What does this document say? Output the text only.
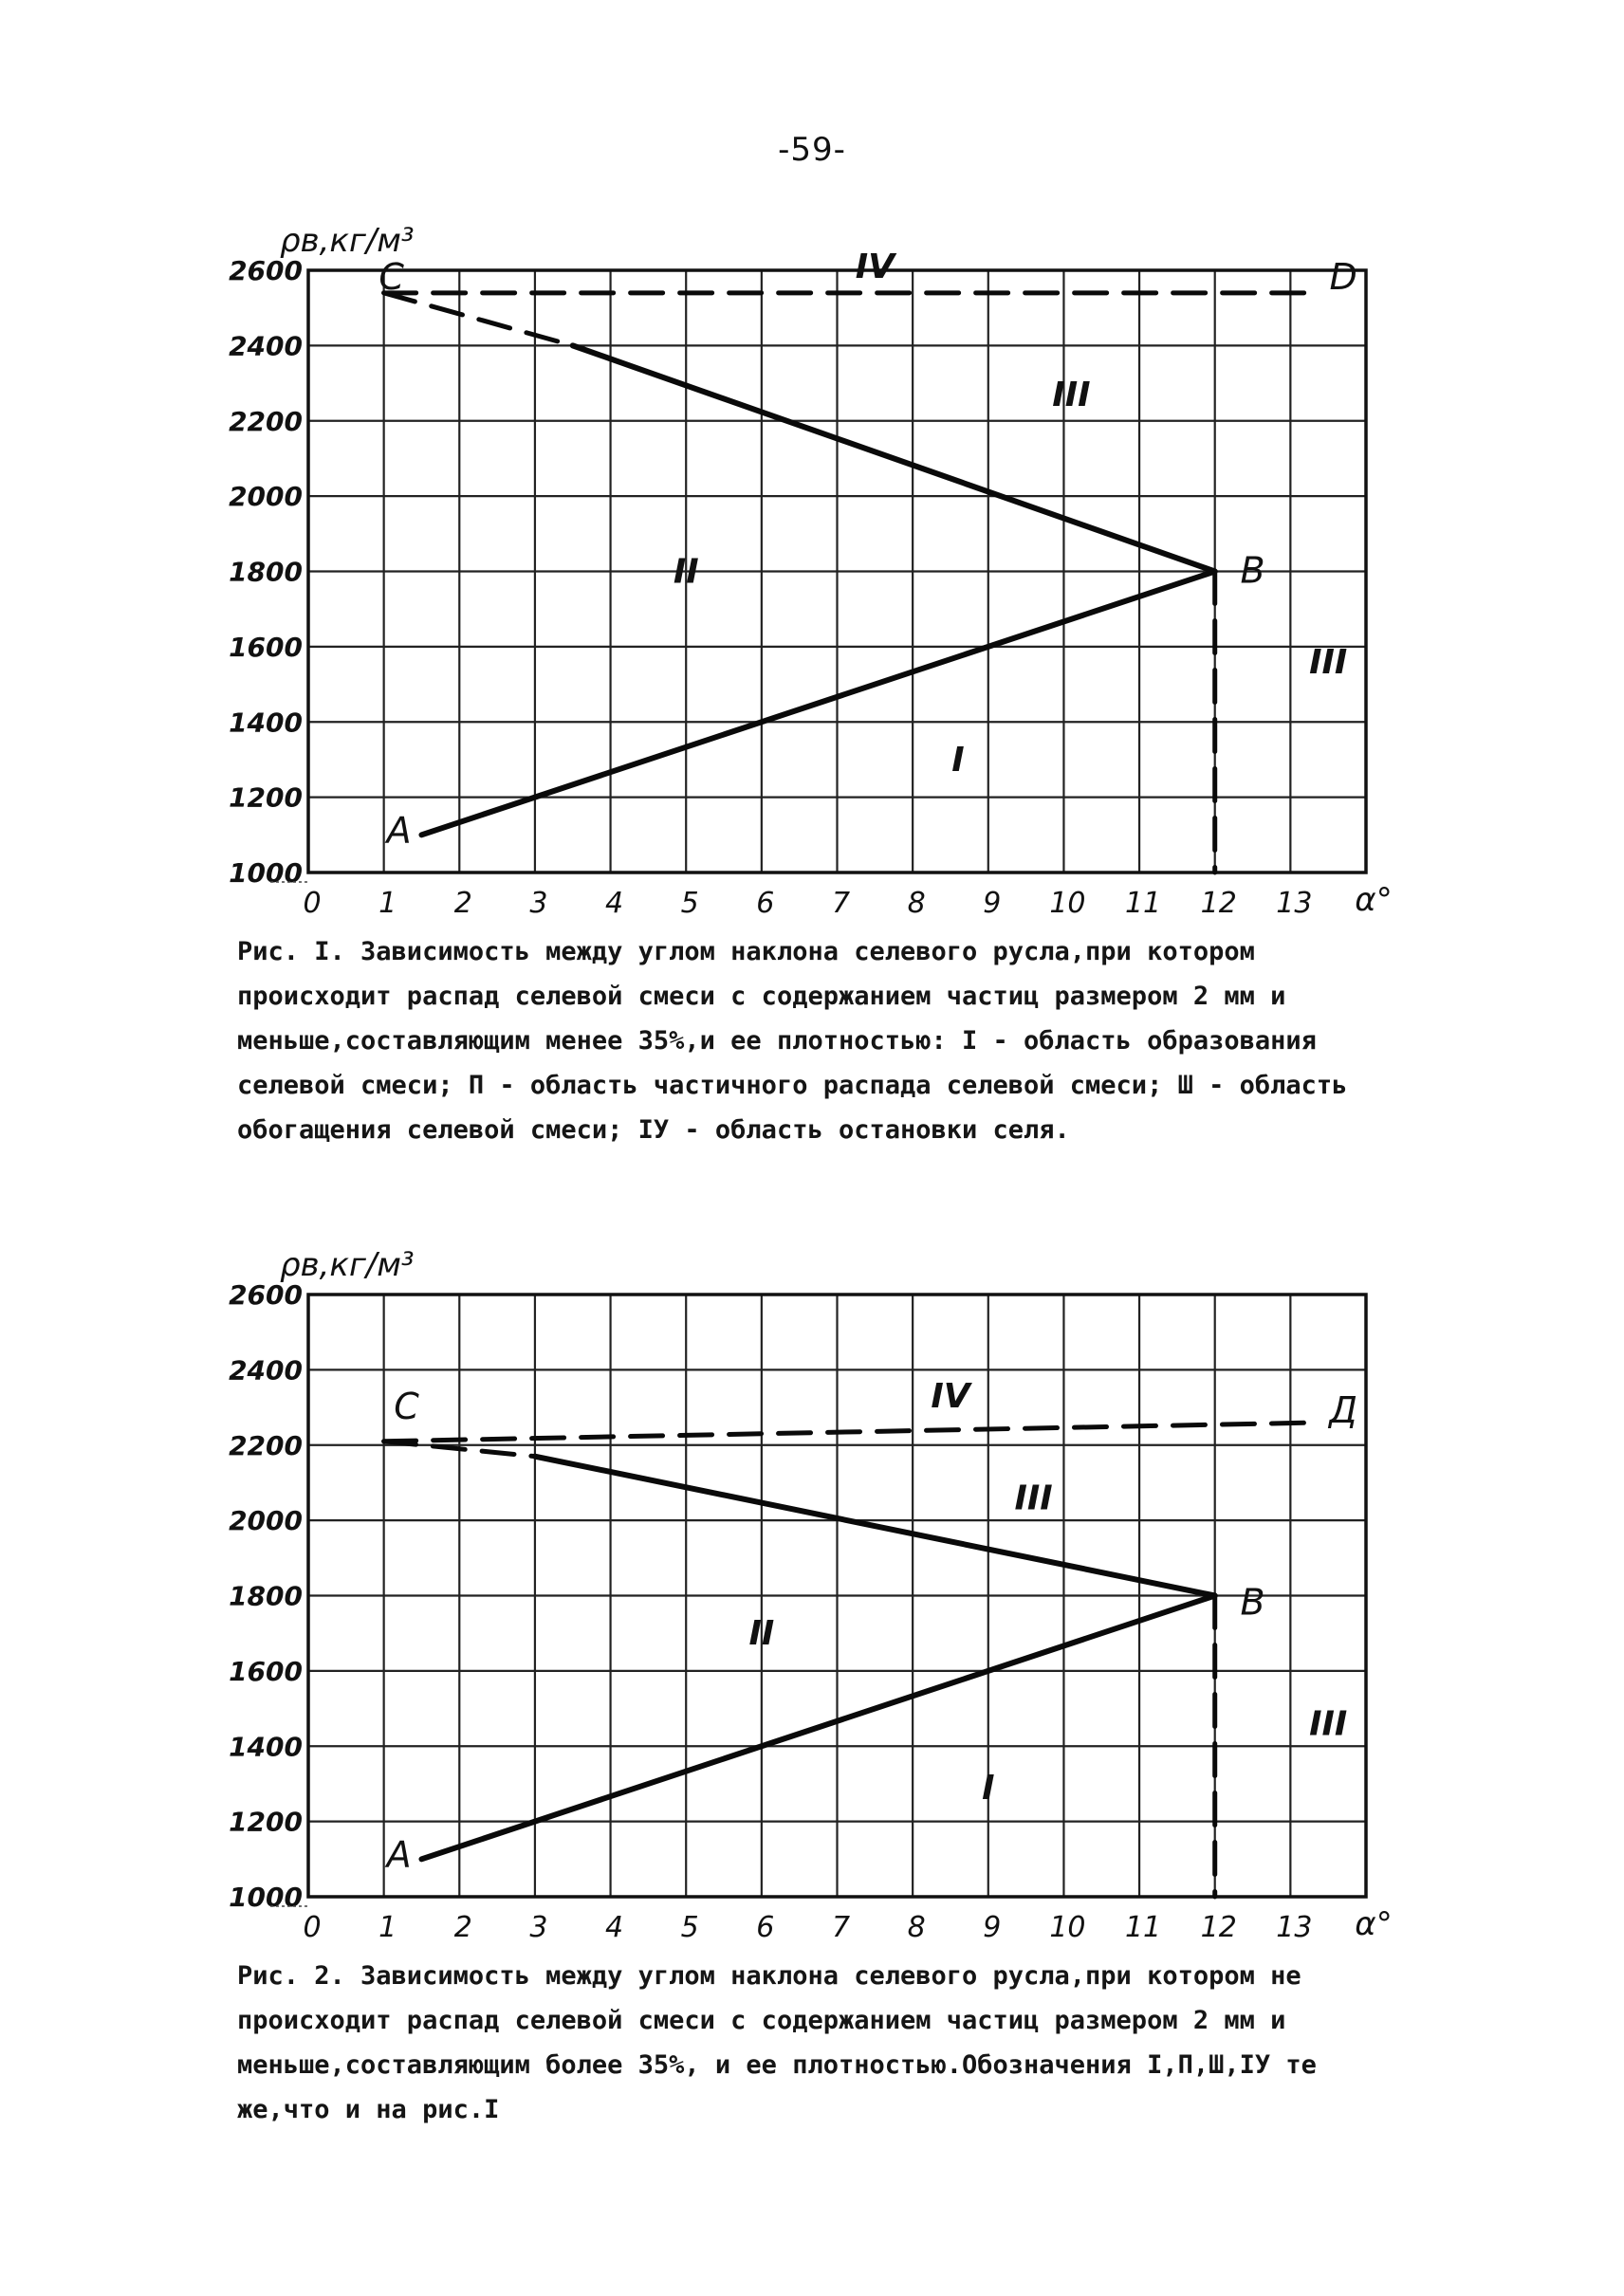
-59-
1000
1200
1400
1600
1800
2000
2200
2400
2600
0 1 2 3 4 5 6 7 8 9 10 11 12 13 α°
ρв,кг/м³
A
B
C	D
I
II
III
III
IV
Рис. I. Зависимость между углом наклона селевого русла,при котором происходит распад селевой смеси с содержанием частиц размером 2 мм и меньше,составляющим менее 35%,и ее плотностью: I - область образования селевой смеси; П - область частичного распада селевой смеси; Ш - область обогащения селевой смеси; IУ - область остановки селя.
1000
1200
1400
1600
1800
2000
2200
2400
2600
0 1 2 3 4 5 6 7 8 9 10 11 12 13 α°
ρв,кг/м³
A
B
C	Д
I
II
III
III
IV
Рис. 2. Зависимость между углом наклона селевого русла,при котором не происходит распад селевой смеси с содержанием частиц размером 2 мм и меньше,составляющим более 35%, и ее плотностью.Обозначения I,П,Ш,IУ те же,что и на рис.I
